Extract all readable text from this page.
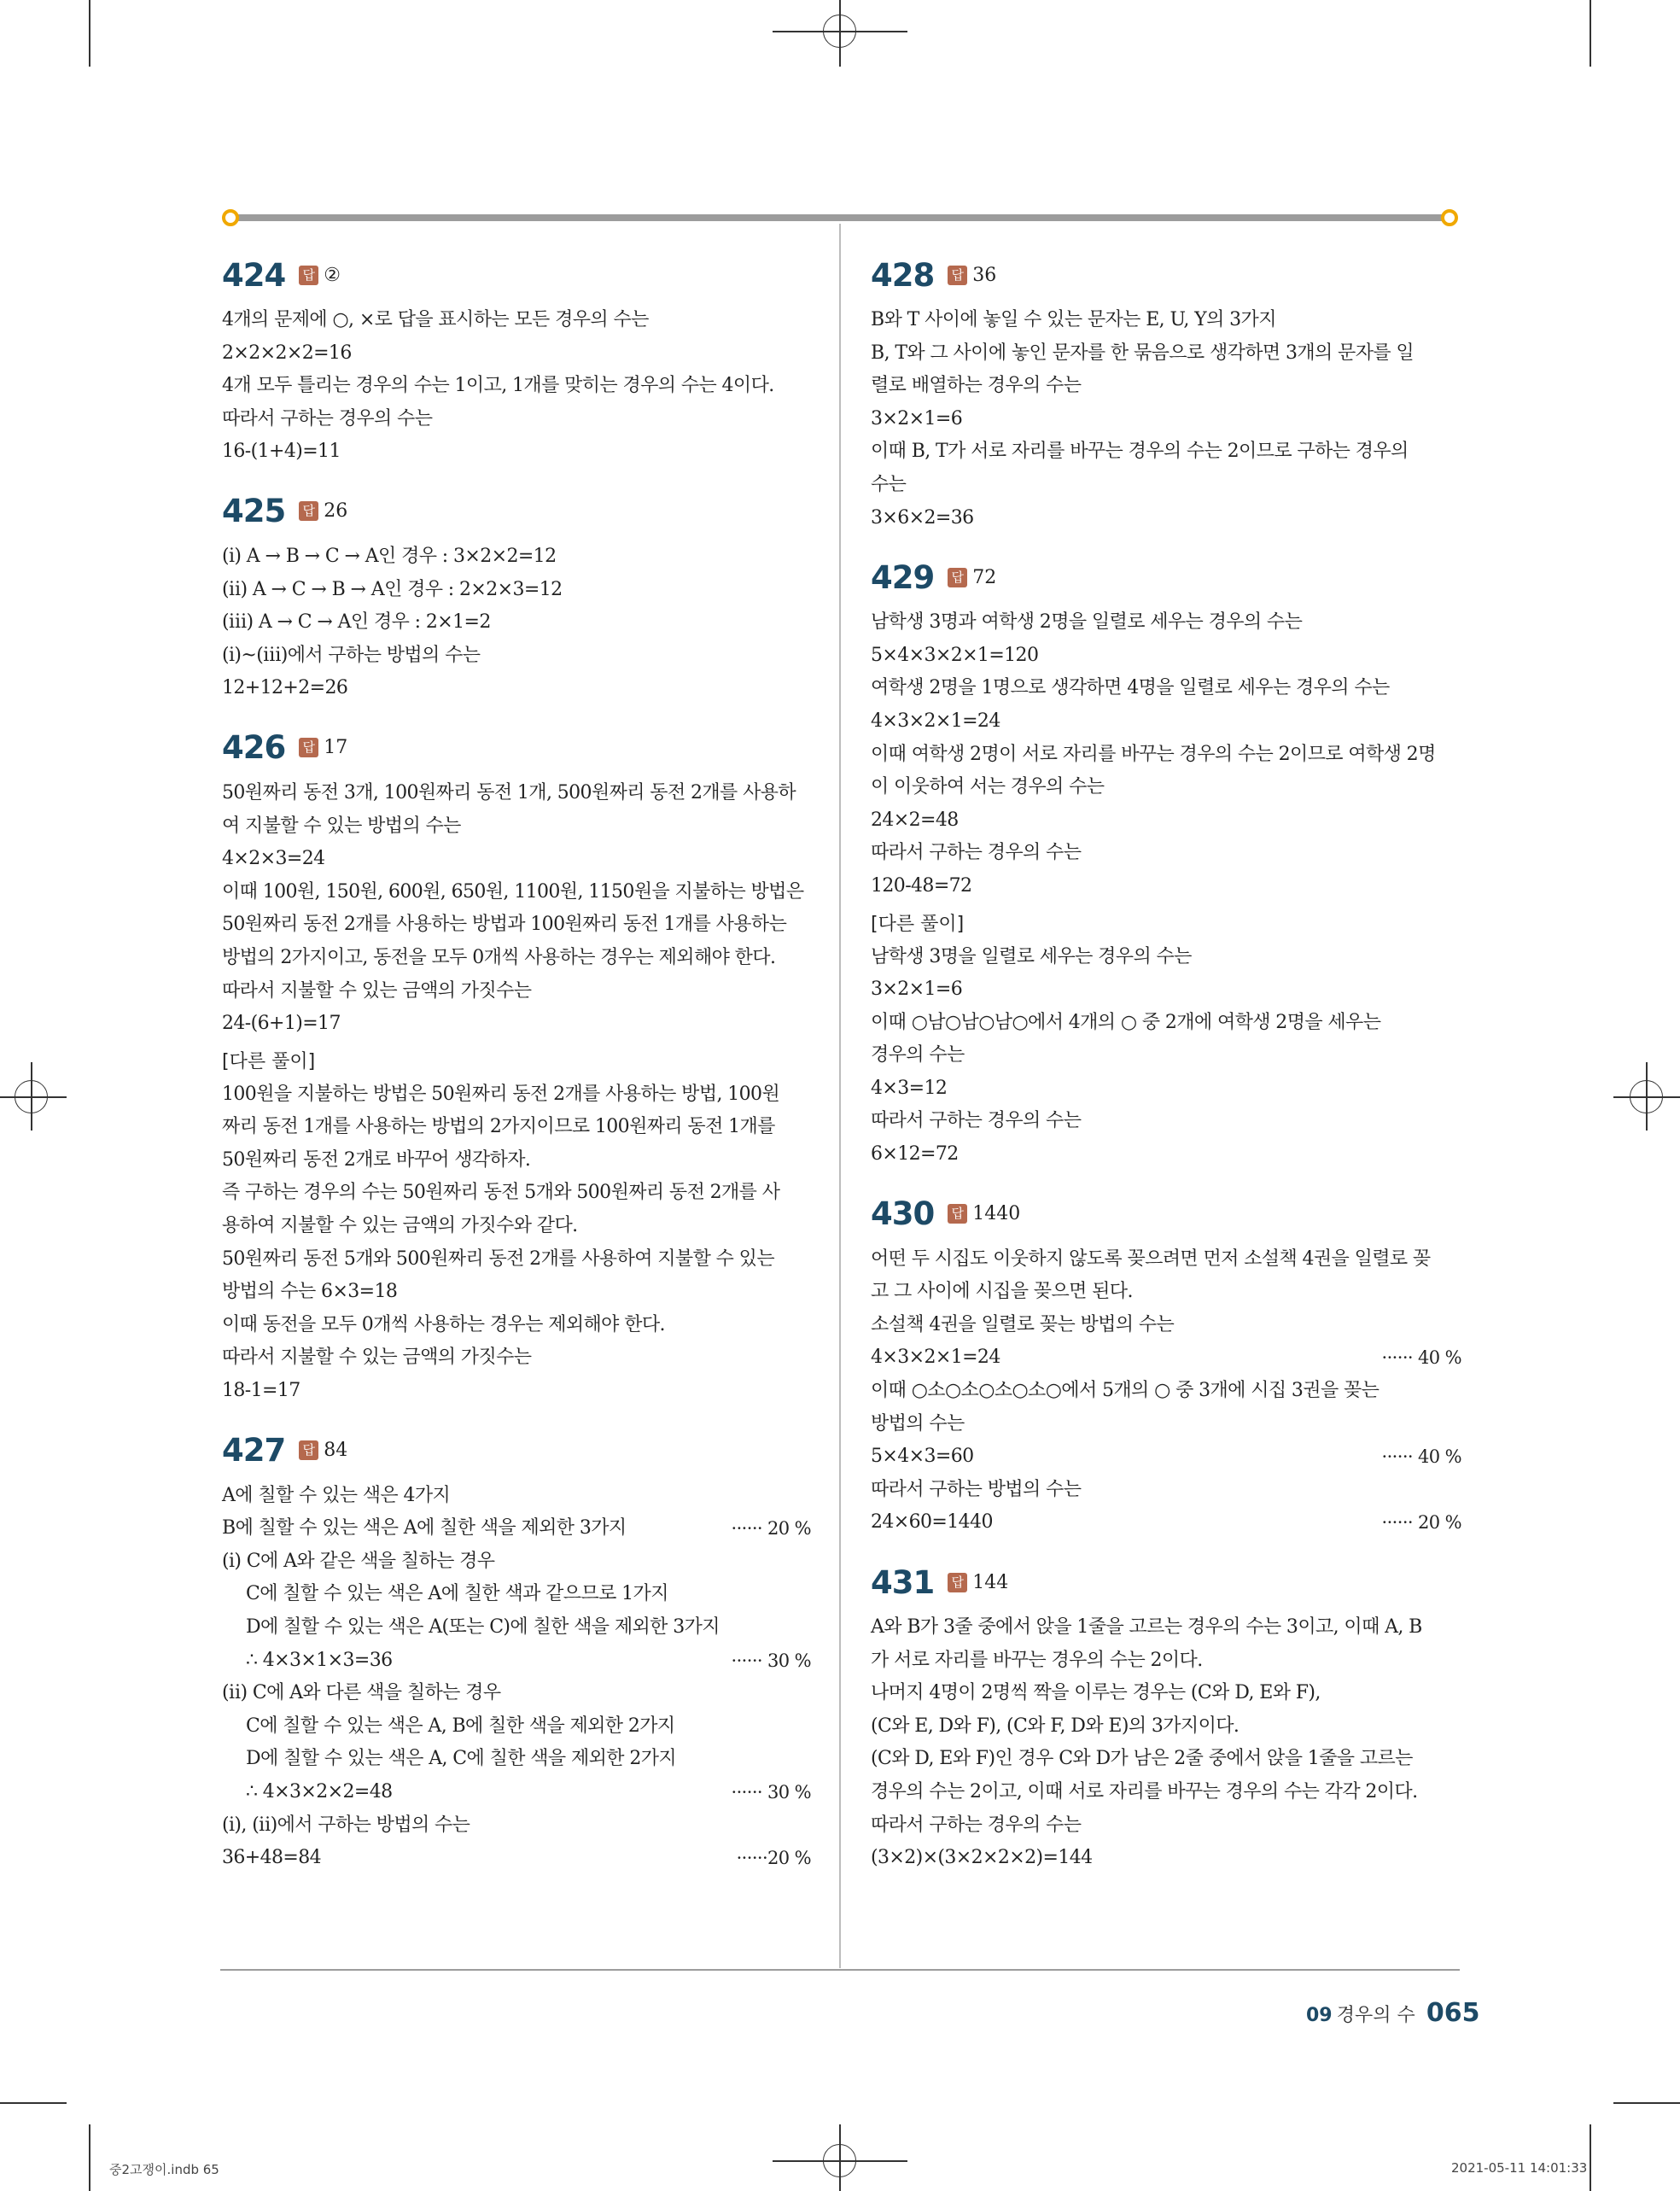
424 답 ②
4개의 문제에 ○, ×로 답을 표시하는 모든 경우의 수는
2×2×2×2=16
4개 모두 틀리는 경우의 수는 1이고, 1개를 맞히는 경우의 수는 4이다.
따라서 구하는 경우의 수는
16-(1+4)=11
425 답 26
(ⅰ) A → B → C → A인 경우 : 3×2×2=12
(ⅱ) A → C → B → A인 경우 : 2×2×3=12
(ⅲ) A → C → A인 경우 : 2×1=2
(ⅰ)~(ⅲ)에서 구하는 방법의 수는
12+12+2=26
426 답 17
50원짜리 동전 3개, 100원짜리 동전 1개, 500원짜리 동전 2개를 사용하
여 지불할 수 있는 방법의 수는
4×2×3=24
이때 100원, 150원, 600원, 650원, 1100원, 1150원을 지불하는 방법은
50원짜리 동전 2개를 사용하는 방법과 100원짜리 동전 1개를 사용하는
방법의 2가지이고, 동전을 모두 0개씩 사용하는 경우는 제외해야 한다.
따라서 지불할 수 있는 금액의 가짓수는
24-(6+1)=17
[다른 풀이]
100원을 지불하는 방법은 50원짜리 동전 2개를 사용하는 방법, 100원
짜리 동전 1개를 사용하는 방법의 2가지이므로 100원짜리 동전 1개를
50원짜리 동전 2개로 바꾸어 생각하자.
즉 구하는 경우의 수는 50원짜리 동전 5개와 500원짜리 동전 2개를 사
용하여 지불할 수 있는 금액의 가짓수와 같다.
50원짜리 동전 5개와 500원짜리 동전 2개를 사용하여 지불할 수 있는
방법의 수는 6×3=18
이때 동전을 모두 0개씩 사용하는 경우는 제외해야 한다.
따라서 지불할 수 있는 금액의 가짓수는
18-1=17
427 답 84
A에 칠할 수 있는 색은 4가지
B에 칠할 수 있는 색은 A에 칠한 색을 제외한 3가지	······ 20 %
(ⅰ) C에 A와 같은 색을 칠하는 경우
C에 칠할 수 있는 색은 A에 칠한 색과 같으므로 1가지
D에 칠할 수 있는 색은 A(또는 C)에 칠한 색을 제외한 3가지
∴ 4×3×1×3=36	······ 30 %
(ⅱ) C에 A와 다른 색을 칠하는 경우
C에 칠할 수 있는 색은 A, B에 칠한 색을 제외한 2가지
D에 칠할 수 있는 색은 A, C에 칠한 색을 제외한 2가지
∴ 4×3×2×2=48	······ 30 %
(ⅰ), (ⅱ)에서 구하는 방법의 수는
36+48=84	······20 %
428 답 36
B와 T 사이에 놓일 수 있는 문자는 E, U, Y의 3가지
B, T와 그 사이에 놓인 문자를 한 묶음으로 생각하면 3개의 문자를 일
렬로 배열하는 경우의 수는
3×2×1=6
이때 B, T가 서로 자리를 바꾸는 경우의 수는 2이므로 구하는 경우의
수는
3×6×2=36
429 답 72
남학생 3명과 여학생 2명을 일렬로 세우는 경우의 수는
5×4×3×2×1=120
여학생 2명을 1명으로 생각하면 4명을 일렬로 세우는 경우의 수는
4×3×2×1=24
이때 여학생 2명이 서로 자리를 바꾸는 경우의 수는 2이므로 여학생 2명
이 이웃하여 서는 경우의 수는
24×2=48
따라서 구하는 경우의 수는
120-48=72
[다른 풀이]
남학생 3명을 일렬로 세우는 경우의 수는
3×2×1=6
이때 ○남○남○남○에서 4개의 ○ 중 2개에 여학생 2명을 세우는
경우의 수는
4×3=12
따라서 구하는 경우의 수는
6×12=72
430 답 1440
어떤 두 시집도 이웃하지 않도록 꽂으려면 먼저 소설책 4권을 일렬로 꽂
고 그 사이에 시집을 꽂으면 된다.
소설책 4권을 일렬로 꽂는 방법의 수는
4×3×2×1=24	······ 40 %
이때 ○소○소○소○소○에서 5개의 ○ 중 3개에 시집 3권을 꽂는
방법의 수는
5×4×3=60	······ 40 %
따라서 구하는 방법의 수는
24×60=1440	······ 20 %
431 답 144
A와 B가 3줄 중에서 앉을 1줄을 고르는 경우의 수는 3이고, 이때 A, B
가 서로 자리를 바꾸는 경우의 수는 2이다.
나머지 4명이 2명씩 짝을 이루는 경우는 (C와 D, E와 F),
(C와 E, D와 F), (C와 F, D와 E)의 3가지이다.
(C와 D, E와 F)인 경우 C와 D가 남은 2줄 중에서 앉을 1줄을 고르는
경우의 수는 2이고, 이때 서로 자리를 바꾸는 경우의 수는 각각 2이다.
따라서 구하는 경우의 수는
(3×2)×(3×2×2×2)=144
09 경우의 수 065
중2고쟁이.indb 65	2021-05-11 14:01:33
